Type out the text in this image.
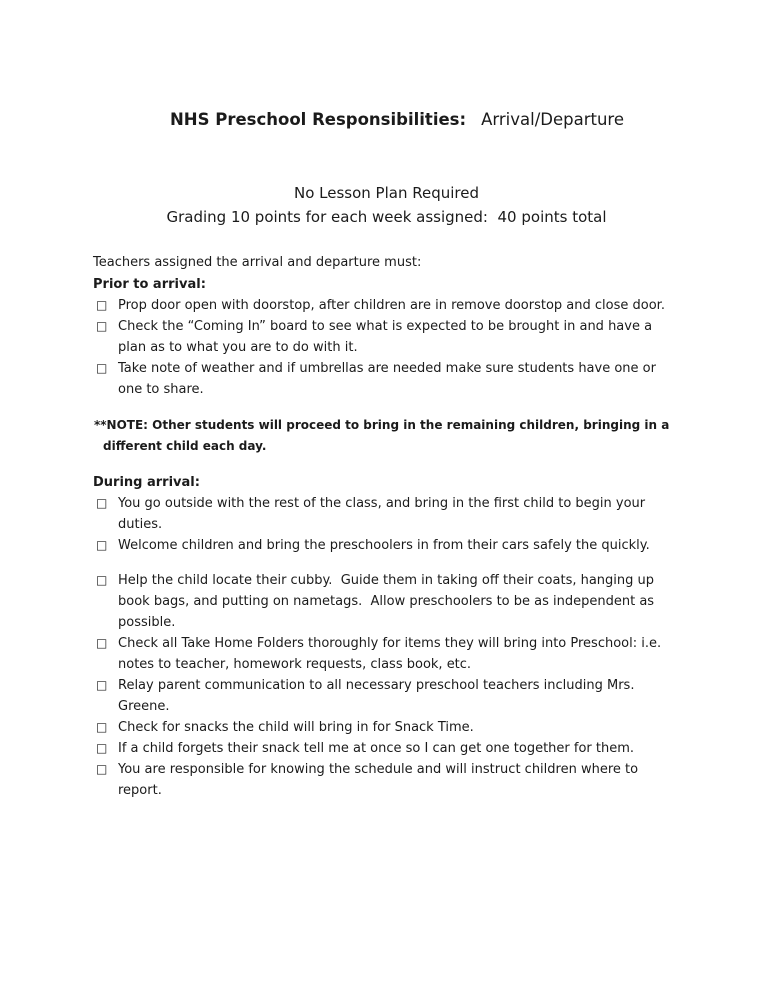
NHS Preschool Responsibilities: Arrival/Departure

No Lesson Plan Required
Grading 10 points for each week assigned:  40 points total
Teachers assigned the arrival and departure must:
Prior to arrival:
□ Prop door open with doorstop, after children are in remove doorstop and close door.
□ Check the “Coming In” board to see what is expected to be brought in and have a plan as to what you are to do with it.
□ Take note of weather and if umbrellas are needed make sure students have one or one to share.
**NOTE: Other students will proceed to bring in the remaining children, bringing in a different child each day.
During arrival:
□ You go outside with the rest of the class, and bring in the first child to begin your duties.
□ Welcome children and bring the preschoolers in from their cars safely the quickly.
□ Help the child locate their cubby.  Guide them in taking off their coats, hanging up book bags, and putting on nametags.  Allow preschoolers to be as independent as possible.
□ Check all Take Home Folders thoroughly for items they will bring into Preschool: i.e. notes to teacher, homework requests, class book, etc.
□ Relay parent communication to all necessary preschool teachers including Mrs. Greene.
□ Check for snacks the child will bring in for Snack Time.
□ If a child forgets their snack tell me at once so I can get one together for them.
□ You are responsible for knowing the schedule and will instruct children where to report.
